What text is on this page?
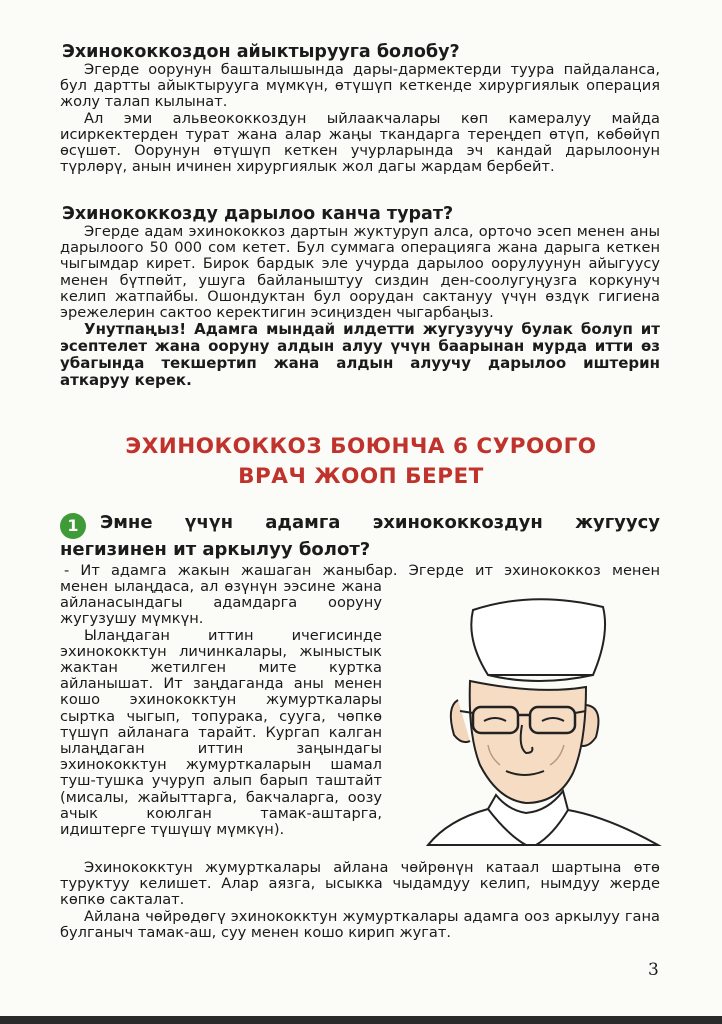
Эхинококкоздон айыктырууга болобу?

Эгерде оорунун башталышында дары-дармектерди туура пайдалансa, бул дартты айыктырууга мүмкүн, өтүшүп кеткенде хирургиялык операция жолу талап кылынат.

Ал эми альвеококкоздун ыйлаакчалары көп камералуу майда исиркектерден турат жана алар жаңы ткандарга тереңдеп өтүп, көбөйүп өсүшөт. Оорунун өтүшүп кеткен учурларында эч кандай дарылоонун түрлөрү, анын ичинен хирургиялык жол дагы жардам бербейт.

Эхинококкозду дарылоо канча турат?

Эгерде адам эхинококкоз дартын жуктуруп алса, орточо эсеп менен аны дарылоого 50 000 сом кетет. Бул суммага операцияга жана дарыга кеткен чыгымдар кирет. Бирок бардык эле учурда дарылоо оорулуунун айыгуусу менен бүтпөйт, ушуга байланыштуу сиздин ден-соолугуңузга коркунуч келип жатпайбы. Ошондуктан бул оорудан сактануу үчүн өздүк гигиена эрежелерин сактоо керектигин эсиңизден чыгарбаңыз.

Унутпаңыз! Адамга мындай илдетти жугузуучу булак болуп ит эсептелет жана ооруну алдын алуу үчүн баарынан мурда итти өз убагында текшертип жана алдын алуучу дарылоо иштерин аткаруу керек.

ЭХИНОКОККОЗ БОЮНЧА 6 СУРООГО
ВРАЧ ЖООП БЕРЕТ
1 Эмне үчүн адамга эхинококкоздун жугуусу негизинен ит аркылуу болот?
- Ит адамга жакын жашаган жаныбар. Эгерде ит эхинококкоз менен

менен ылаңдаса, ал өзүнүн ээсине жана айланасындагы адамдарга ооруну жугузушу мүмкүн.

Ылаңдаган иттин ичегисинде эхинококктун личинкалары, жыныстык жактан жетилген мите куртка айланышат. Ит заңдаганда аны менен кошо эхинококктун жумурткалары сыртка чыгып, топурака, сууга, чөпкө түшүп айланага тарайт. Кургап калган ылаңдаган иттин заңындагы эхинококктун жумурткаларын шамал туш-тушка учуруп алып барып таштайт (мисалы, жайыттарга, бакчаларга, оозу ачык коюлган тамак-аштарга, идиштерге түшүшү мүмкүн).

Эхинококктун жумурткалары айлана чөйрөнүн катаал шартына өтө туруктуу келишет. Алар аязга, ысыкка чыдамдуу келип, нымдуу жерде көпкө сакталат.

Айлана чөйрөдөгү эхинококктун жумурткалары адамга ооз аркылуу гана булганыч тамак-аш, суу менен кошо кирип жугат.

3
